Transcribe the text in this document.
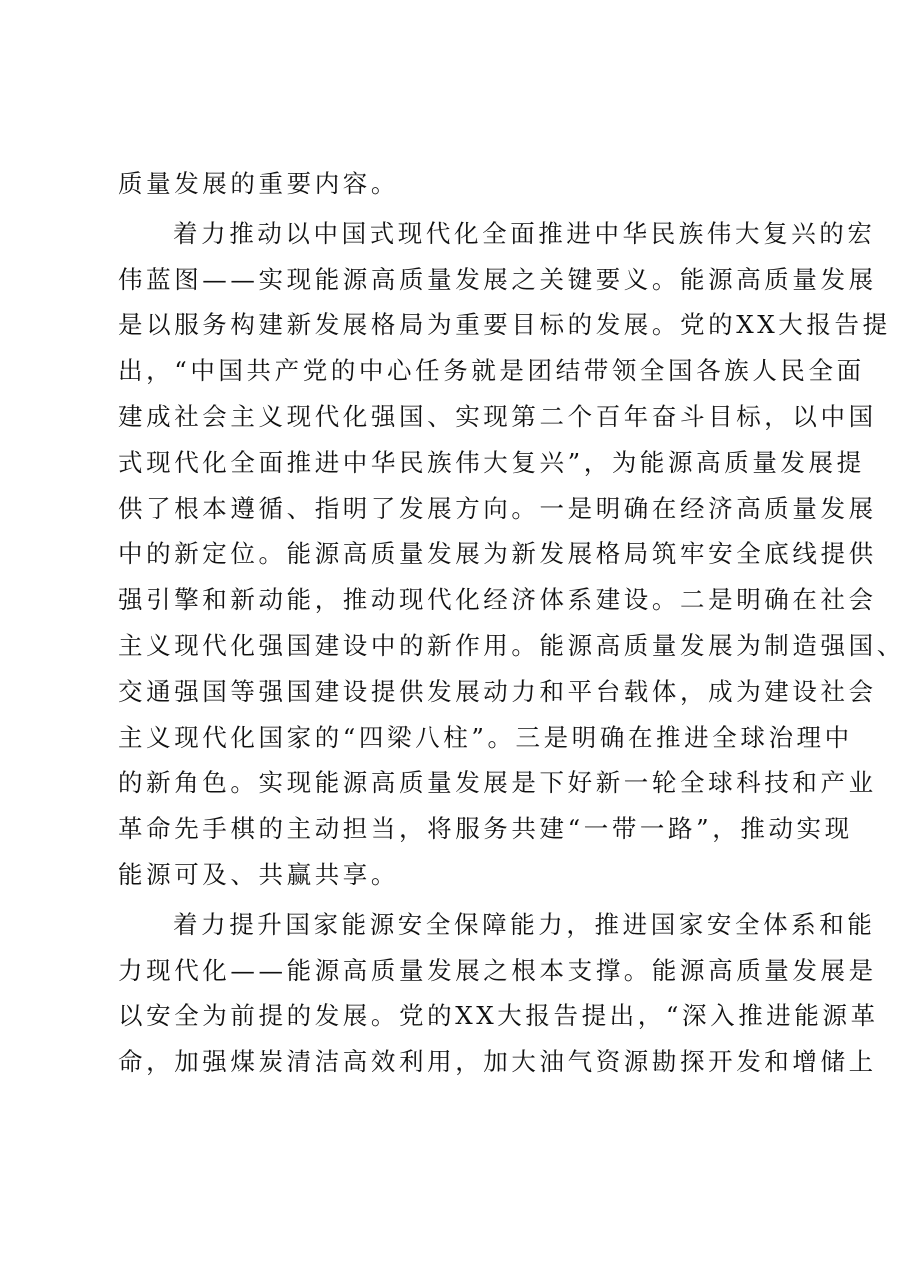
质量发展的重要内容。
着力推动以中国式现代化全面推进中华民族伟大复兴的宏
伟蓝图——实现能源高质量发展之关键要义。能源高质量发展
是以服务构建新发展格局为重要目标的发展。党的XX大报告提
出，“中国共产党的中心任务就是团结带领全国各族人民全面
建成社会主义现代化强国、实现第二个百年奋斗目标，以中国
式现代化全面推进中华民族伟大复兴”，为能源高质量发展提
供了根本遵循、指明了发展方向。一是明确在经济高质量发展
中的新定位。能源高质量发展为新发展格局筑牢安全底线提供
强引擎和新动能，推动现代化经济体系建设。二是明确在社会
主义现代化强国建设中的新作用。能源高质量发展为制造强国、
交通强国等强国建设提供发展动力和平台载体，成为建设社会
主义现代化国家的“四梁八柱”。三是明确在推进全球治理中
的新角色。实现能源高质量发展是下好新一轮全球科技和产业
革命先手棋的主动担当，将服务共建“一带一路”，推动实现
能源可及、共赢共享。
着力提升国家能源安全保障能力，推进国家安全体系和能
力现代化——能源高质量发展之根本支撑。能源高质量发展是
以安全为前提的发展。党的XX大报告提出，“深入推进能源革
命，加强煤炭清洁高效利用，加大油气资源勘探开发和增储上
